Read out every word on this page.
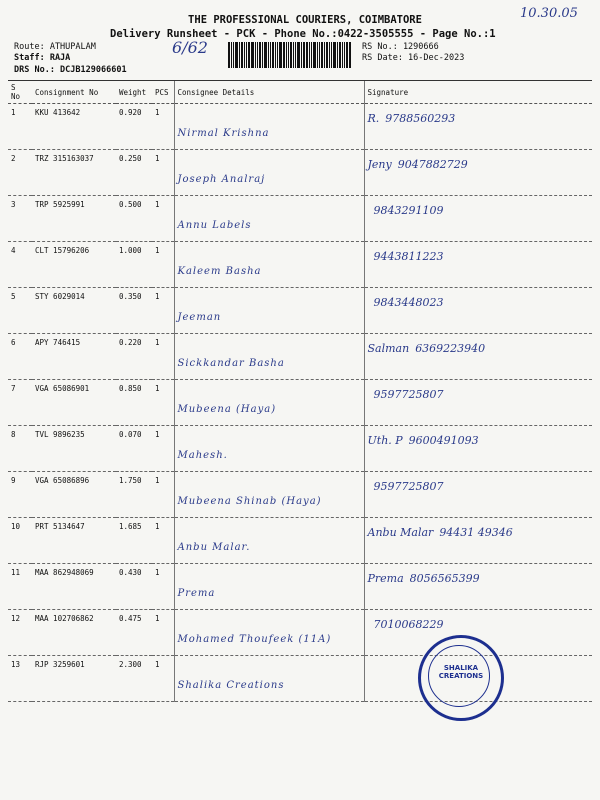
10.30.05
THE PROFESSIONAL COURIERS, COIMBATORE
Delivery Runsheet - PCK - Phone No.:0422-3505555 - Page No.:1
Route: ATHUPALAM
Staff: RAJA
DRS No.: DCJB129066601
6/62	RS No.: 1290666
RS Date: 16-Dec-2023
S No	Consignment No	Weight	PCS	Consignee Details	Signature
1	KKU 413642	0.920	1	Nirmal Krishna	R. 9788560293

2	TRZ 315163037	0.250	1	Joseph Analraj	Jeny 9047882729

3	TRP 5925991	0.500	1	Annu Labels	9843291109

4	CLT 15796206	1.000	1	Kaleem Basha	9443811223

5	STY 6029014	0.350	1	Jeeman	9843448023

6	APY 746415	0.220	1	Sickkandar Basha	Salman 6369223940

7	VGA 65086901	0.850	1	Mubeena (Haya)	9597725807

8	TVL 9896235	0.070	1	Mahesh.	Uth. P 9600491093

9	VGA 65086896	1.750	1	Mubeena Shinab (Haya)	9597725807

10	PRT 5134647	1.685	1	Anbu Malar.	Anbu Malar 94431 49346

11	MAA 862948069	0.430	1	Prema	Prema 8056565399

12	MAA 102706862	0.475	1	Mohamed Thoufeek (11A)	7010068229

13	RJP 3259601	2.300	1	Shalika Creations	

SHALIKA CREATIONS
